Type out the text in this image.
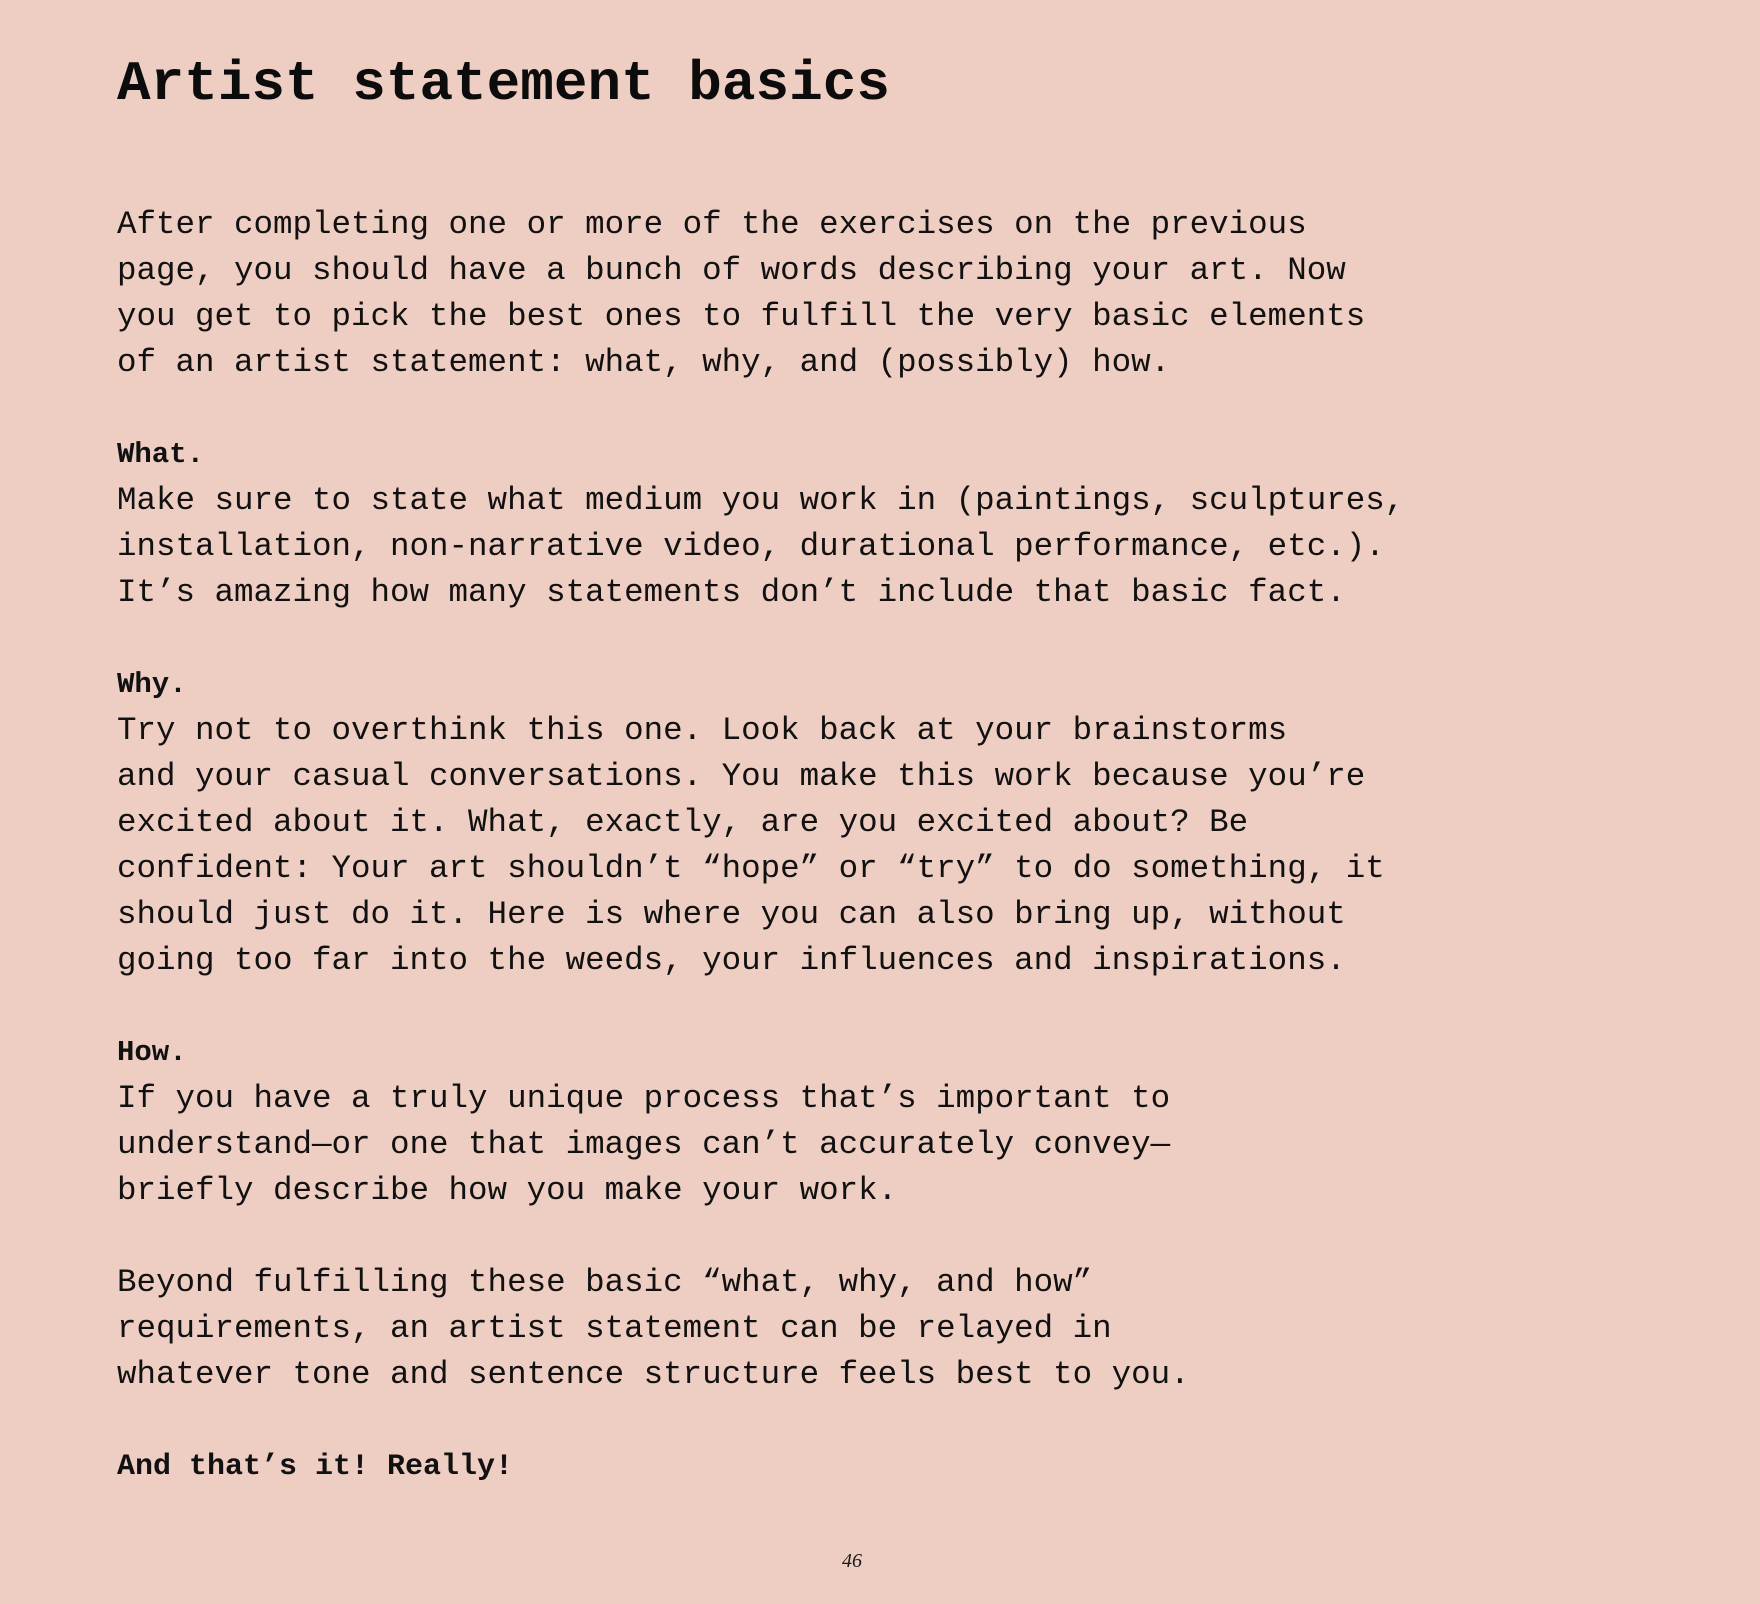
Artist statement basics
After completing one or more of the exercises on the previous
page, you should have a bunch of words describing your art. Now
you get to pick the best ones to fulfill the very basic elements
of an artist statement: what, why, and (possibly) how.
What.
Make sure to state what medium you work in (paintings, sculptures,
installation, non-narrative video, durational performance, etc.).
It’s amazing how many statements don’t include that basic fact.
Why.
Try not to overthink this one. Look back at your brainstorms
and your casual conversations. You make this work because you’re
excited about it. What, exactly, are you excited about? Be
confident: Your art shouldn’t “hope” or “try” to do something, it
should just do it. Here is where you can also bring up, without
going too far into the weeds, your influences and inspirations.
How.
If you have a truly unique process that’s important to
understand—or one that images can’t accurately convey—
briefly describe how you make your work.
Beyond fulfilling these basic “what, why, and how”
requirements, an artist statement can be relayed in
whatever tone and sentence structure feels best to you.
And that’s it! Really!
46
